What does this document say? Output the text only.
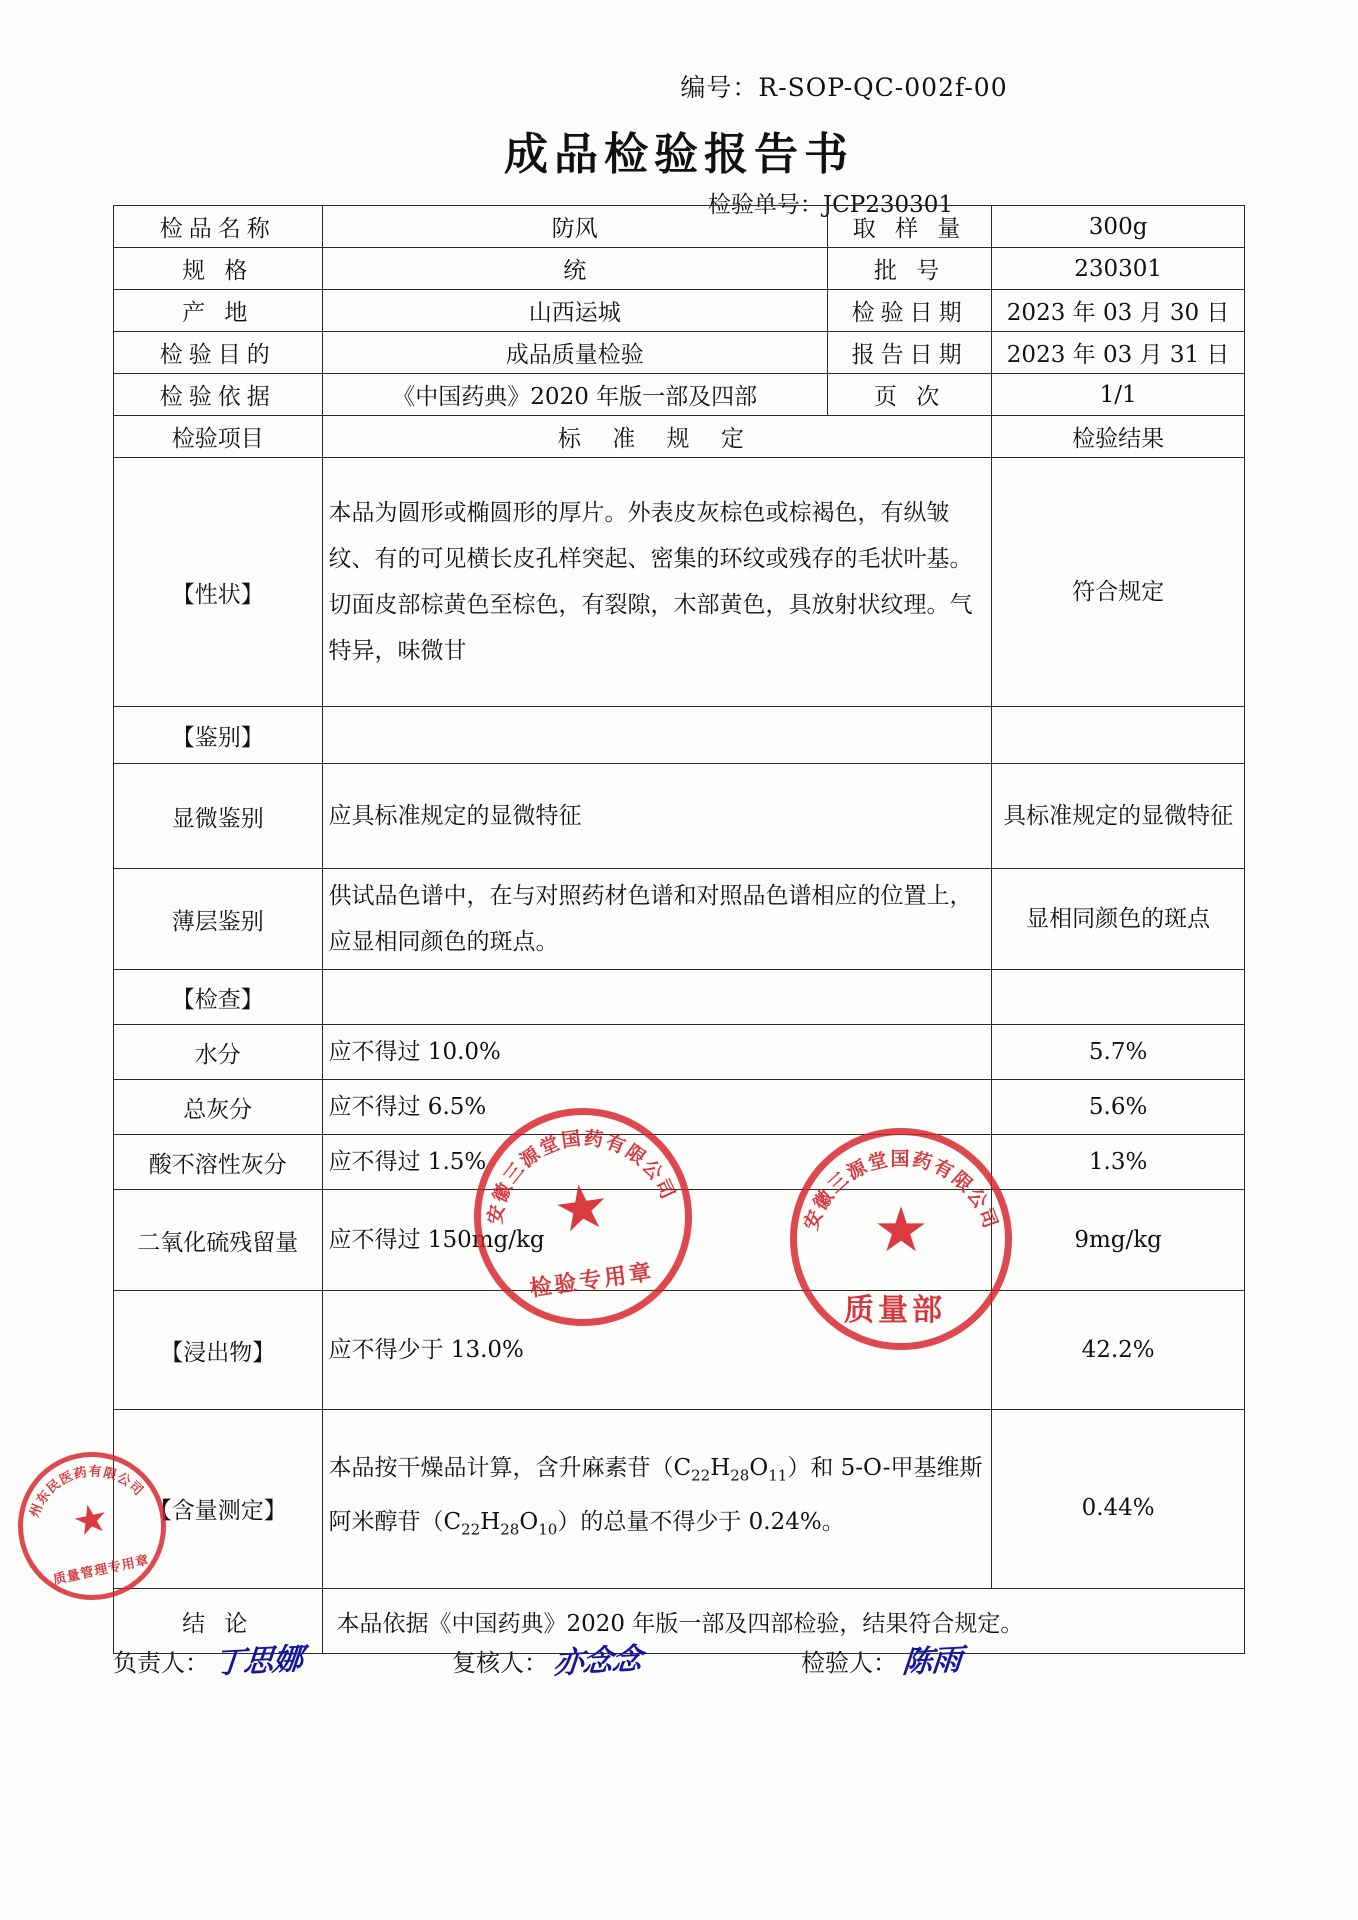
编号：R-SOP-QC-002f-00
成品检验报告书
检验单号：JCP230301
检品名称	防风	取 样 量	300g
规 格	统	批 号	230301
产 地	山西运城	检验日期	2023 年 03 月 30 日
检验目的	成品质量检验	报告日期	2023 年 03 月 31 日
检验依据	《中国药典》2020 年版一部及四部	页 次	1/1
检验项目	标 准 规 定		检验结果
【性状】	本品为圆形或椭圆形的厚片。外表皮灰棕色或棕褐色，有纵皱纹、有的可见横长皮孔样突起、密集的环纹或残存的毛状叶基。切面皮部棕黄色至棕色，有裂隙，木部黄色，具放射状纹理。气特异，味微甘		符合规定
【鉴别】			
显微鉴别	应具标准规定的显微特征		具标准规定的显微特征
薄层鉴别	供试品色谱中，在与对照药材色谱和对照品色谱相应的位置上，应显相同颜色的斑点。		显相同颜色的斑点
【检查】			
水分	应不得过 10.0%		5.7%
总灰分	应不得过 6.5%		5.6%
酸不溶性灰分	应不得过 1.5%		1.3%
二氧化硫残留量	应不得过 150mg/kg		9mg/kg
【浸出物】	应不得少于 13.0%		42.2%
【含量测定】	本品按干燥品计算，含升麻素苷$(C_{22}H_{28}O_{11})$和 5-O-甲基维斯阿米醇苷$(C_{22}H_{28}O_{10})$的总量不得少于 0.24%。		0.44%
结 论	本品依据《中国药典》2020 年版一部及四部检验，结果符合规定。		
负责人： 丁思娜	复核人： 亦念念	检验人： 陈雨
安徽三源堂国药有限公司
★
检验专用章
安徽三源堂国药有限公司
★
质量部
州东民医药有限公司
★
质量管理专用章
